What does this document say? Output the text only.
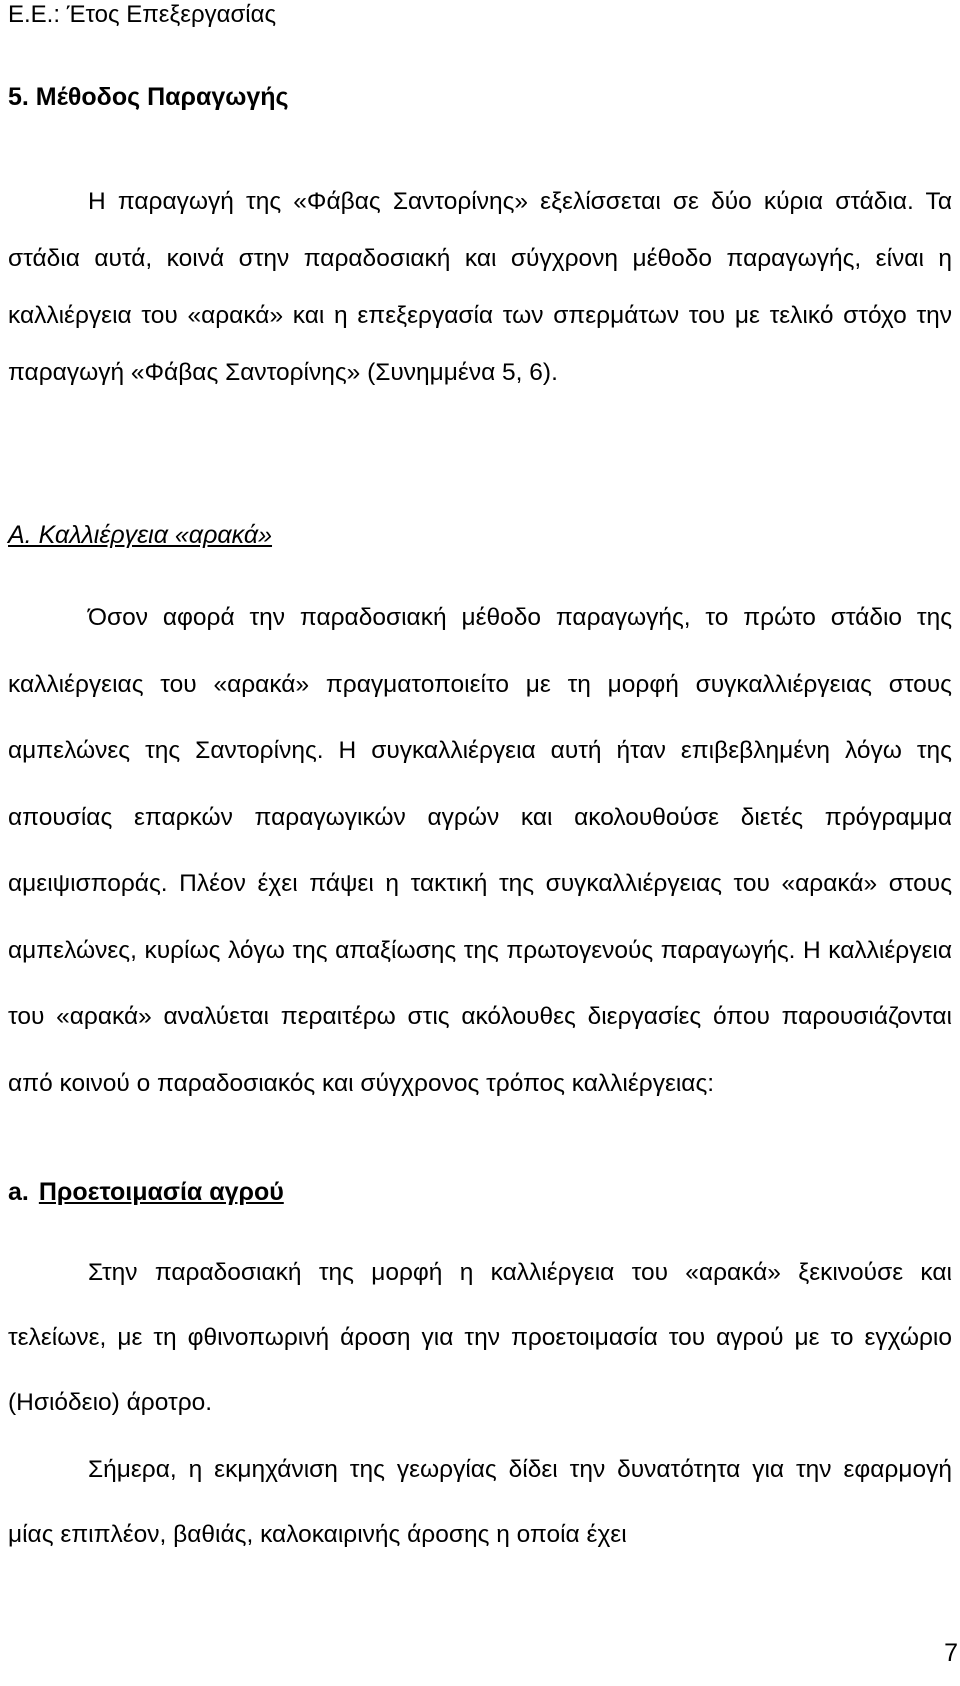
Ε.Ε.: Έτος Επεξεργασίας
5. Μέθοδος Παραγωγής

Η παραγωγή της «Φάβας Σαντορίνης» εξελίσσεται σε δύο κύρια στάδια. Τα στάδια αυτά, κοινά στην παραδοσιακή και σύγχρονη μέθοδο παραγωγής, είναι η καλλιέργεια του «αρακά» και η επεξεργασία των σπερμάτων του με τελικό στόχο την παραγωγή «Φάβας Σαντορίνης» (Συνημμένα 5, 6).

Α. Καλλιέργεια «αρακά»

Όσον αφορά την παραδοσιακή μέθοδο παραγωγής, το πρώτο στάδιο της καλλιέργειας του «αρακά» πραγματοποιείτο με τη μορφή συγκαλλιέργειας στους αμπελώνες της Σαντορίνης. Η συγκαλλιέργεια αυτή ήταν επιβεβλημένη λόγω της απουσίας επαρκών παραγωγικών αγρών και ακολουθούσε διετές πρόγραμμα αμειψισποράς. Πλέον έχει πάψει η τακτική της συγκαλλιέργειας του «αρακά» στους αμπελώνες, κυρίως λόγω της απαξίωσης της πρωτογενούς παραγωγής. Η καλλιέργεια του «αρακά» αναλύεται περαιτέρω στις ακόλουθες διεργασίες όπου παρουσιάζονται από κοινού ο παραδοσιακός και σύγχρονος τρόπος καλλιέργειας:

a. Προετοιμασία αγρού

Στην παραδοσιακή της μορφή η καλλιέργεια του «αρακά» ξεκινούσε και τελείωνε, με τη φθινοπωρινή άροση για την προετοιμασία του αγρού με το εγχώριο (Ησιόδειο) άροτρο.

Σήμερα, η εκμηχάνιση της γεωργίας δίδει την δυνατότητα για την εφαρμογή μίας επιπλέον, βαθιάς, καλοκαιρινής άροσης η οποία έχει

7
